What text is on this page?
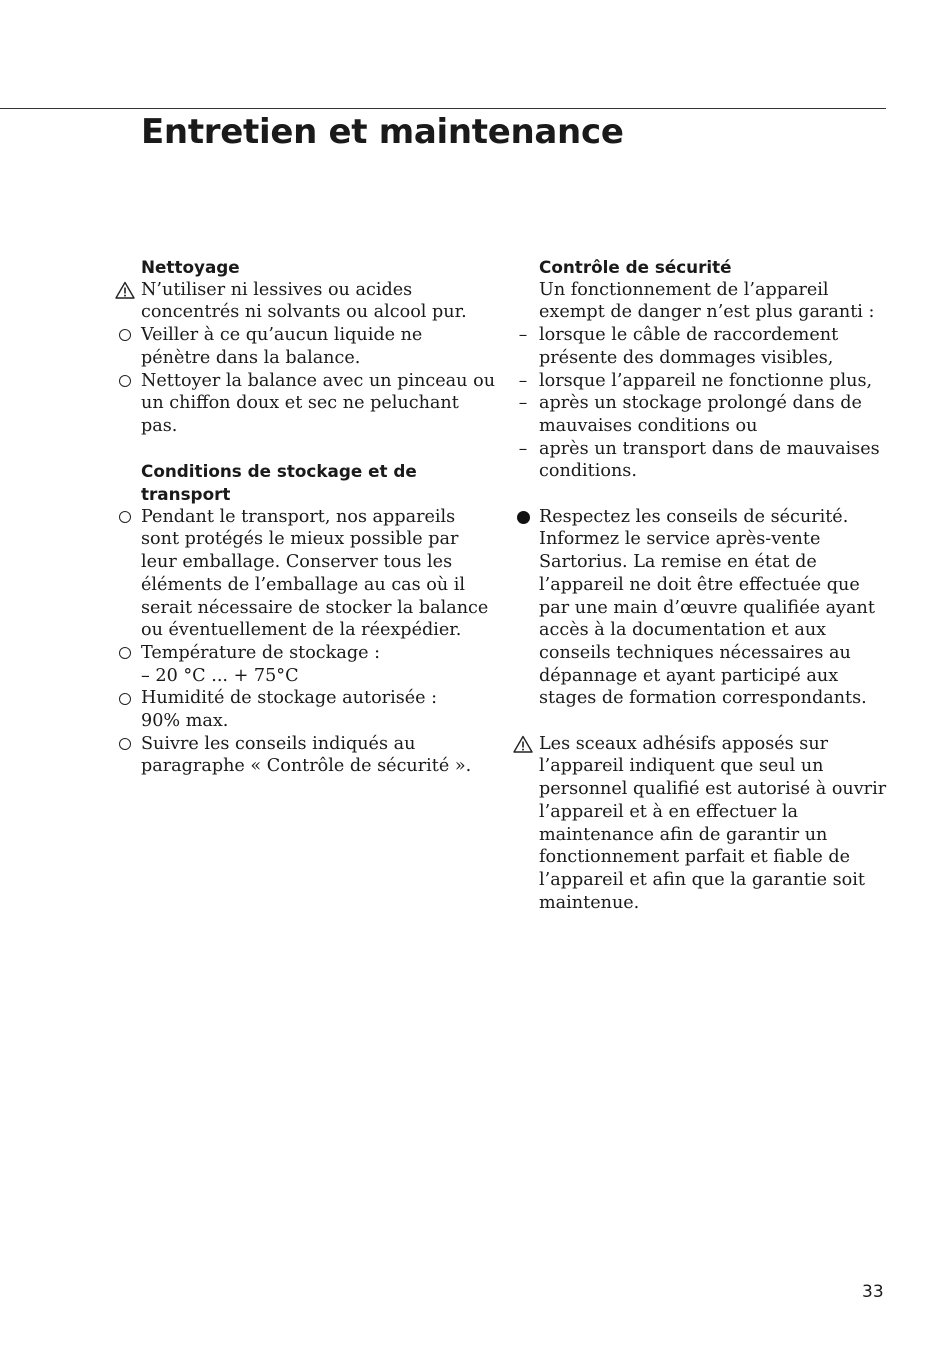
Entretien et maintenance
Nettoyage
N’utiliser ni lessives ou acides concentrés ni solvants ou alcool pur.
Veiller à ce qu’aucun liquide ne pénètre dans la balance.
Nettoyer la balance avec un pinceau ou un chiffon doux et sec ne peluchant pas.
Conditions de stockage et de transport
Pendant le transport, nos appareils sont protégés le mieux possible par leur emballage. Conserver tous les éléments de l’emballage au cas où il serait nécessaire de stocker la balance ou éventuellement de la réexpédier.
Température de stockage :
– 20 °C ... + 75°C
Humidité de stockage autorisée :
90% max.
Suivre les conseils indiqués au paragraphe « Contrôle de sécurité ».
Contrôle de sécurité
Un fonctionnement de l’appareil exempt de danger n’est plus garanti :
– lorsque le câble de raccordement présente des dommages visibles,
– lorsque l’appareil ne fonctionne plus,
– après un stockage prolongé dans de mauvaises conditions ou
– après un transport dans de mauvaises conditions.
Respectez les conseils de sécurité. Informez le service après-vente Sartorius. La remise en état de l’appareil ne doit être effectuée que par une main d’œuvre qualifiée ayant accès à la documentation et aux conseils techniques nécessaires au dépannage et ayant participé aux stages de formation correspondants.
Les sceaux adhésifs apposés sur l’appareil indiquent que seul un personnel qualifié est autorisé à ouvrir l’appareil et à en effectuer la maintenance afin de garantir un fonctionnement parfait et fiable de l’appareil et afin que la garantie soit maintenue.
33
